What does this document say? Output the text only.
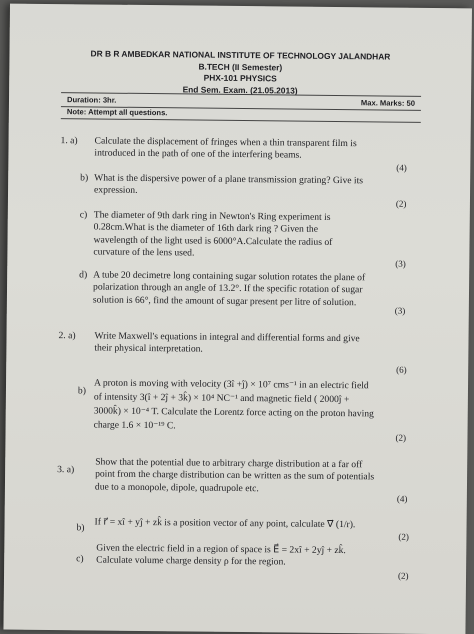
DR B R AMBEDKAR NATIONAL INSTITUTE OF TECHNOLOGY JALANDHAR
B.TECH (II Semester)
PHX-101 PHYSICS
End Sem. Exam. (21.05.2013)
Duration: 3hr.	Max. Marks: 50
Note: Attempt all questions.
1. a) Calculate the displacement of fringes when a thin transparent film is
introduced in the path of one of the interfering beams.
(4)
b) What is the dispersive power of a plane transmission grating? Give its
expression.
(2)
c) The diameter of 9th dark ring in Newton's Ring experiment is
0.28cm.What is the diameter of 16th dark ring ? Given the
wavelength of the light used is 6000°A.Calculate the radius of
curvature of the lens used.
(3)
d) A tube 20 decimetre long containing sugar solution rotates the plane of
polarization through an angle of 13.2°. If the specific rotation of sugar
solution is 66°, find the amount of sugar present per litre of solution.
(3)
2. a) Write Maxwell's equations in integral and differential forms and give
their physical interpretation.
(6)
b) A proton is moving with velocity (3î +ĵ) × 10⁷ cms⁻¹ in an electric field
of intensity 3(î + 2ĵ + 3k̂) × 10⁴ NC⁻¹ and magnetic field ( 2000ĵ +
3000k̂) × 10⁻⁴ T. Calculate the Lorentz force acting on the proton having
charge 1.6 × 10⁻¹⁹ C.
(2)
3. a) Show that the potential due to arbitrary charge distribution at a far off
point from the charge distribution can be written as the sum of potentials
due to a monopole, dipole, quadrupole etc.
(4)
b) If r⃗ = xî + yĵ + zk̂ is a position vector of any point, calculate ∇⃗ (1/r).
(2)
c)
Given the electric field in a region of space is E⃗ = 2xî + 2yĵ + zk̂.
Calculate volume charge density ρ for the region.
(2)
